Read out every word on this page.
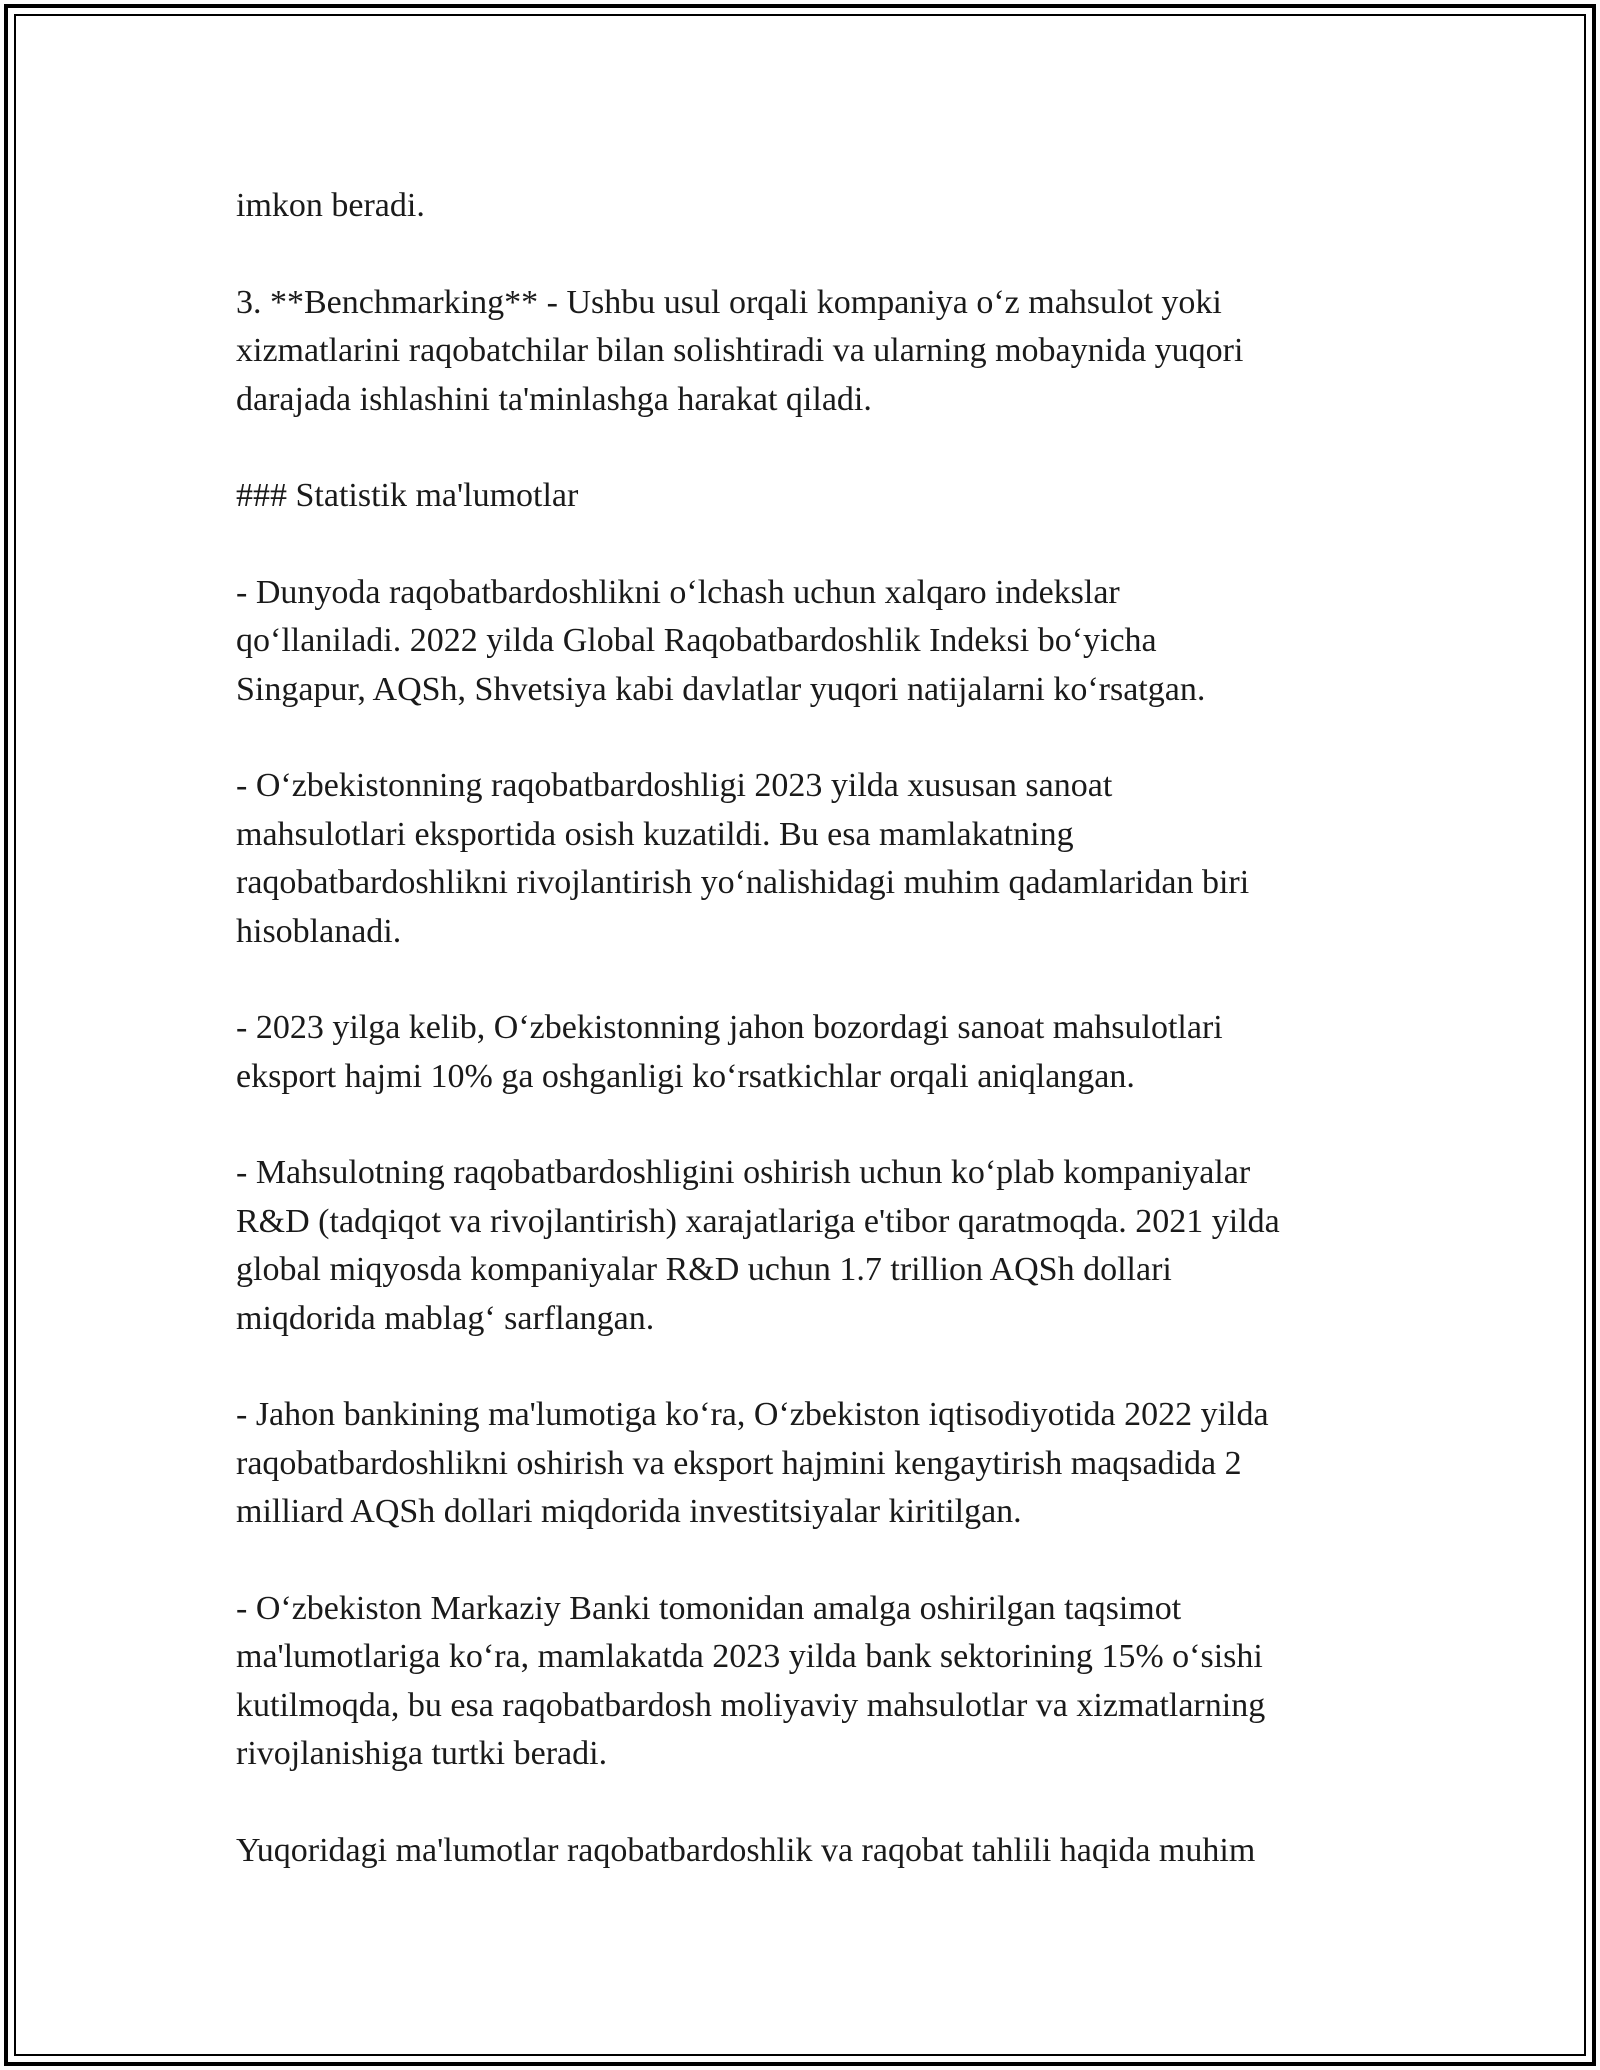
imkon beradi.

3. **Benchmarking** - Ushbu usul orqali kompaniya o‘z mahsulot yoki
xizmatlarini raqobatchilar bilan solishtiradi va ularning mobaynida yuqori
darajada ishlashini ta'minlashga harakat qiladi.

### Statistik ma'lumotlar

- Dunyoda raqobatbardoshlikni o‘lchash uchun xalqaro indekslar
qo‘llaniladi. 2022 yilda Global Raqobatbardoshlik Indeksi bo‘yicha
Singapur, AQSh, Shvetsiya kabi davlatlar yuqori natijalarni ko‘rsatgan.

- O‘zbekistonning raqobatbardoshligi 2023 yilda xususan sanoat
mahsulotlari eksportida osish kuzatildi. Bu esa mamlakatning
raqobatbardoshlikni rivojlantirish yo‘nalishidagi muhim qadamlaridan biri
hisoblanadi.

- 2023 yilga kelib, O‘zbekistonning jahon bozordagi sanoat mahsulotlari
eksport hajmi 10% ga oshganligi ko‘rsatkichlar orqali aniqlangan.

- Mahsulotning raqobatbardoshligini oshirish uchun ko‘plab kompaniyalar
R&D (tadqiqot va rivojlantirish) xarajatlariga e'tibor qaratmoqda. 2021 yilda
global miqyosda kompaniyalar R&D uchun 1.7 trillion AQSh dollari
miqdorida mablag‘ sarflangan.

- Jahon bankining ma'lumotiga ko‘ra, O‘zbekiston iqtisodiyotida 2022 yilda
raqobatbardoshlikni oshirish va eksport hajmini kengaytirish maqsadida 2
milliard AQSh dollari miqdorida investitsiyalar kiritilgan.

- O‘zbekiston Markaziy Banki tomonidan amalga oshirilgan taqsimot
ma'lumotlariga ko‘ra, mamlakatda 2023 yilda bank sektorining 15% o‘sishi
kutilmoqda, bu esa raqobatbardosh moliyaviy mahsulotlar va xizmatlarning
rivojlanishiga turtki beradi.

Yuqoridagi ma'lumotlar raqobatbardoshlik va raqobat tahlili haqida muhim
